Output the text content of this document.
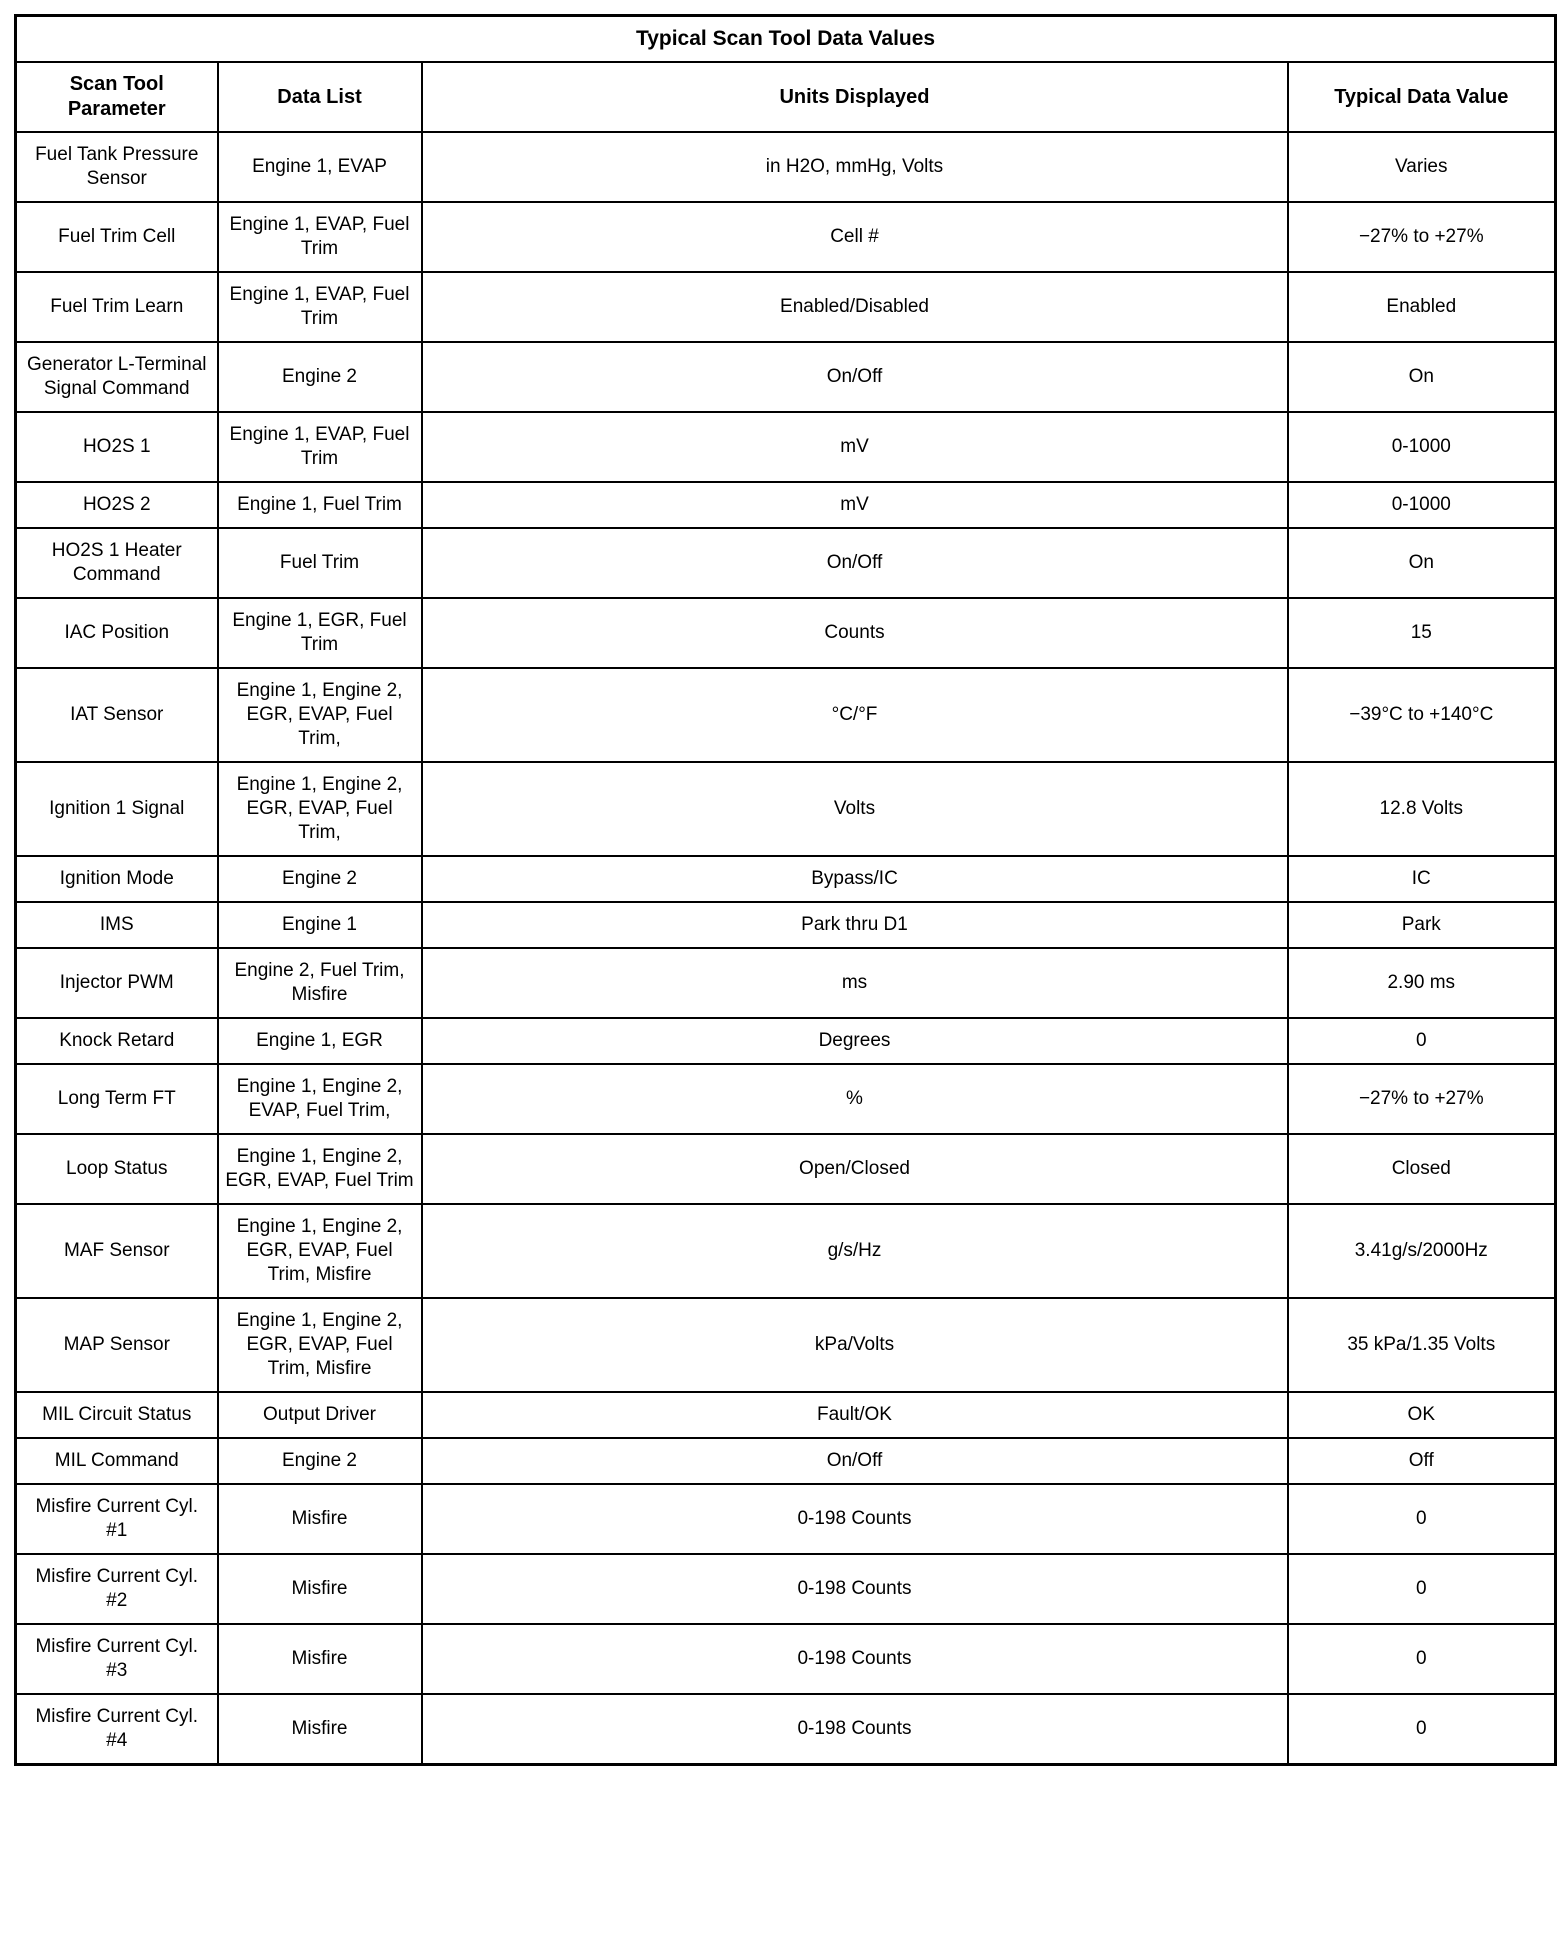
Typical Scan Tool Data Values			
Scan Tool Parameter	Data List	Units Displayed	Typical Data Value
Fuel Tank Pressure Sensor	Engine 1, EVAP	in H2O, mmHg, Volts	Varies
Fuel Trim Cell	Engine 1, EVAP, Fuel Trim	Cell #	−27% to +27%
Fuel Trim Learn	Engine 1, EVAP, Fuel Trim	Enabled/Disabled	Enabled
Generator L-Terminal Signal Command	Engine 2	On/Off	On
HO2S 1	Engine 1, EVAP, Fuel Trim	mV	0-1000
HO2S 2	Engine 1, Fuel Trim	mV	0-1000
HO2S 1 Heater Command	Fuel Trim	On/Off	On
IAC Position	Engine 1, EGR, Fuel Trim	Counts	15
IAT Sensor	Engine 1, Engine 2, EGR, EVAP, Fuel Trim,	°C/°F	−39°C to +140°C
Ignition 1 Signal	Engine 1, Engine 2, EGR, EVAP, Fuel Trim,	Volts	12.8 Volts
Ignition Mode	Engine 2	Bypass/IC	IC
IMS	Engine 1	Park thru D1	Park
Injector PWM	Engine 2, Fuel Trim, Misfire	ms	2.90 ms
Knock Retard	Engine 1, EGR	Degrees	0
Long Term FT	Engine 1, Engine 2, EVAP, Fuel Trim,	%	−27% to +27%
Loop Status	Engine 1, Engine 2, EGR, EVAP, Fuel Trim	Open/Closed	Closed
MAF Sensor	Engine 1, Engine 2, EGR, EVAP, Fuel Trim, Misfire	g/s/Hz	3.41g/s/2000Hz
MAP Sensor	Engine 1, Engine 2, EGR, EVAP, Fuel Trim, Misfire	kPa/Volts	35 kPa/1.35 Volts
MIL Circuit Status	Output Driver	Fault/OK	OK
MIL Command	Engine 2	On/Off	Off
Misfire Current Cyl. #1	Misfire	0-198 Counts	0
Misfire Current Cyl. #2	Misfire	0-198 Counts	0
Misfire Current Cyl. #3	Misfire	0-198 Counts	0
Misfire Current Cyl. #4	Misfire	0-198 Counts	0
